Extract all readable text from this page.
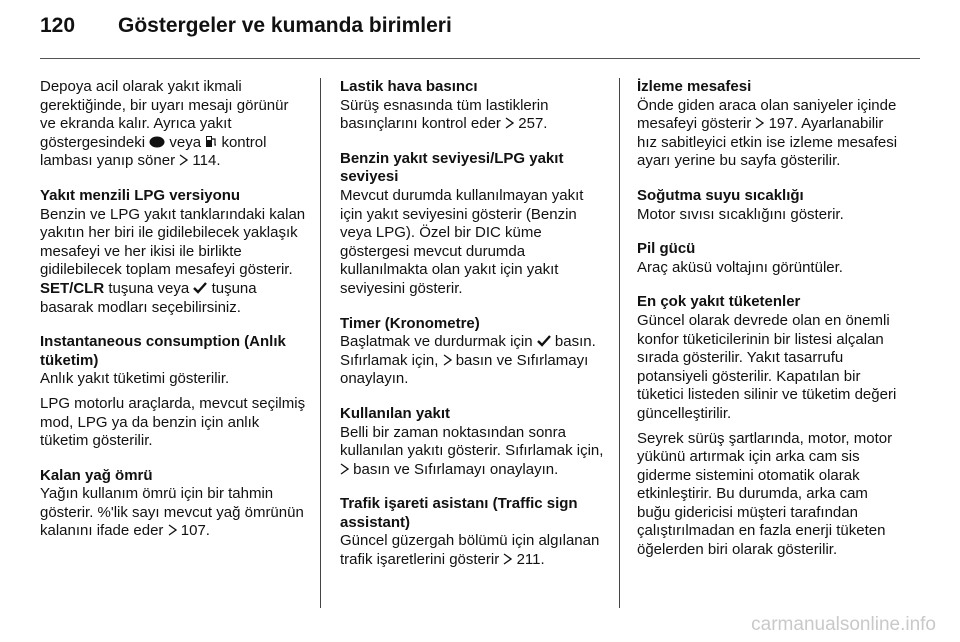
120	Göstergeler ve kumanda birimleri

Depoya acil olarak yakıt ikmali gerektiğinde, bir uyarı mesajı görünür ve ekranda kalır. Ayrıca yakıt göstergesindeki veya kontrol lambası yanıp söner 114.

Yakıt menzili LPG versiyonu

Benzin ve LPG yakıt tanklarındaki kalan yakıtın her biri ile gidilebilecek yaklaşık mesafeyi ve her ikisi ile birlikte gidilebilecek toplam mesafeyi gösterir. SET/CLR tuşuna veya tuşuna basarak modları seçebilirsiniz.

Instantaneous consumption (Anlık tüketim)

Anlık yakıt tüketimi gösterilir.

LPG motorlu araçlarda, mevcut seçilmiş mod, LPG ya da benzin için anlık tüketim gösterilir.

Kalan yağ ömrü

Yağın kullanım ömrü için bir tahmin gösterir. %'lik sayı mevcut yağ ömrünün kalanını ifade eder 107.

Lastik hava basıncı

Sürüş esnasında tüm lastiklerin basınçlarını kontrol eder 257.

Benzin yakıt seviyesi/LPG yakıt seviyesi

Mevcut durumda kullanılmayan yakıt için yakıt seviyesini gösterir (Benzin veya LPG). Özel bir DIC küme göstergesi mevcut durumda kullanılmakta olan yakıt için yakıt seviyesini gösterir.

Timer (Kronometre)

Başlatmak ve durdurmak için basın. Sıfırlamak için, basın ve Sıfırlamayı onaylayın.

Kullanılan yakıt

Belli bir zaman noktasından sonra kullanılan yakıtı gösterir. Sıfırlamak için,  basın ve Sıfırlamayı onaylayın.

Trafik işareti asistanı (Traffic sign assistant)

Güncel güzergah bölümü için algılanan trafik işaretlerini gösterir 211.

İzleme mesafesi

Önde giden araca olan saniyeler içinde mesafeyi gösterir 197. Ayarlanabilir hız sabitleyici etkin ise izleme mesafesi ayarı yerine bu sayfa gösterilir.

Soğutma suyu sıcaklığı

Motor sıvısı sıcaklığını gösterir.

Pil gücü

Araç aküsü voltajını görüntüler.

En çok yakıt tüketenler

Güncel olarak devrede olan en önemli konfor tüketicilerinin bir listesi alçalan sırada gösterilir. Yakıt tasarrufu potansiyeli gösterilir. Kapatılan bir tüketici listeden silinir ve tüketim değeri güncelleştirilir.

Seyrek sürüş şartlarında, motor, motor yükünü artırmak için arka cam sis giderme sistemini otomatik olarak etkinleştirir. Bu durumda, arka cam buğu gidericisi müşteri tarafından çalıştırılmadan en fazla enerji tüketen öğelerden biri olarak gösterilir.

carmanualsonline.info
